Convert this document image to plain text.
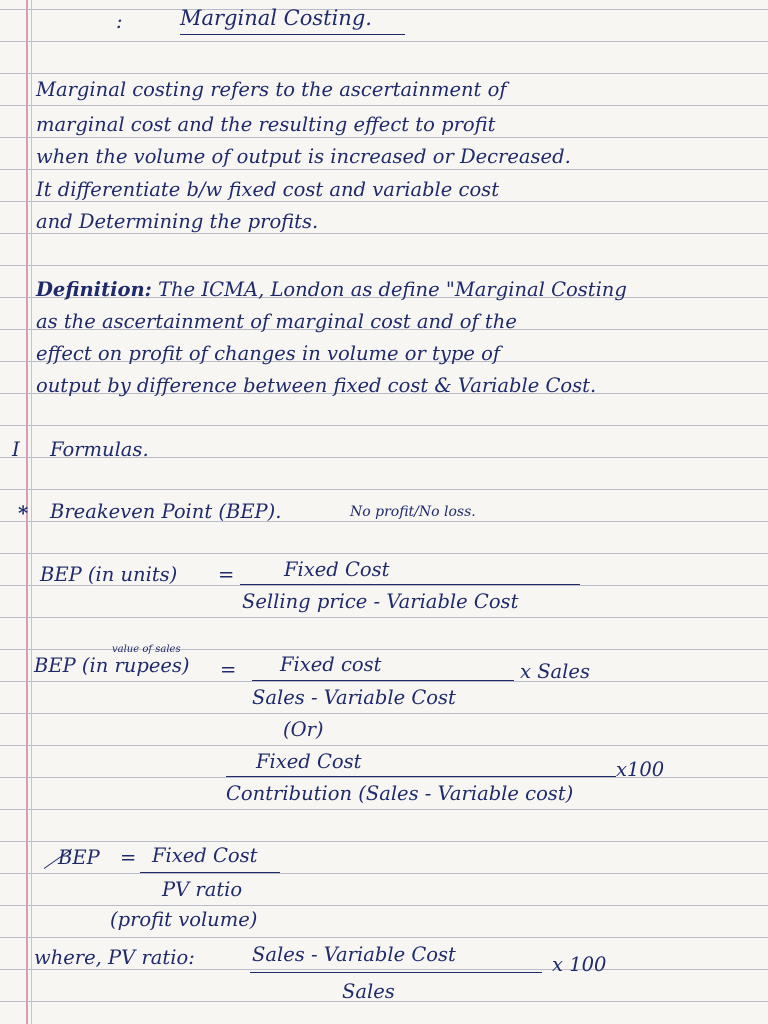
:	Marginal Costing.
Marginal costing refers to the ascertainment of
marginal cost and the resulting effect to profit
when the volume of output is increased or Decreased.
It differentiate b/w fixed cost and variable cost
and Determining the profits.
Definition: The ICMA, London as define "Marginal Costing
as the ascertainment of marginal cost and of the
effect on profit of changes in volume or type of
output by difference between fixed cost & Variable Cost.
I Formulas.
* Breakeven Point (BEP).	No profit/No loss.
BEP (in units) =	Fixed Cost
Selling price - Variable Cost
value of sales
BEP (in rupees) = Fixed cost	x Sales
Sales - Variable Cost
(Or)
Fixed Cost	x100
Contribution (Sales - Variable cost)
BEP = Fixed Cost
PV ratio
(profit volume)
where, PV ratio:	Sales - Variable Cost	x 100
Sales
